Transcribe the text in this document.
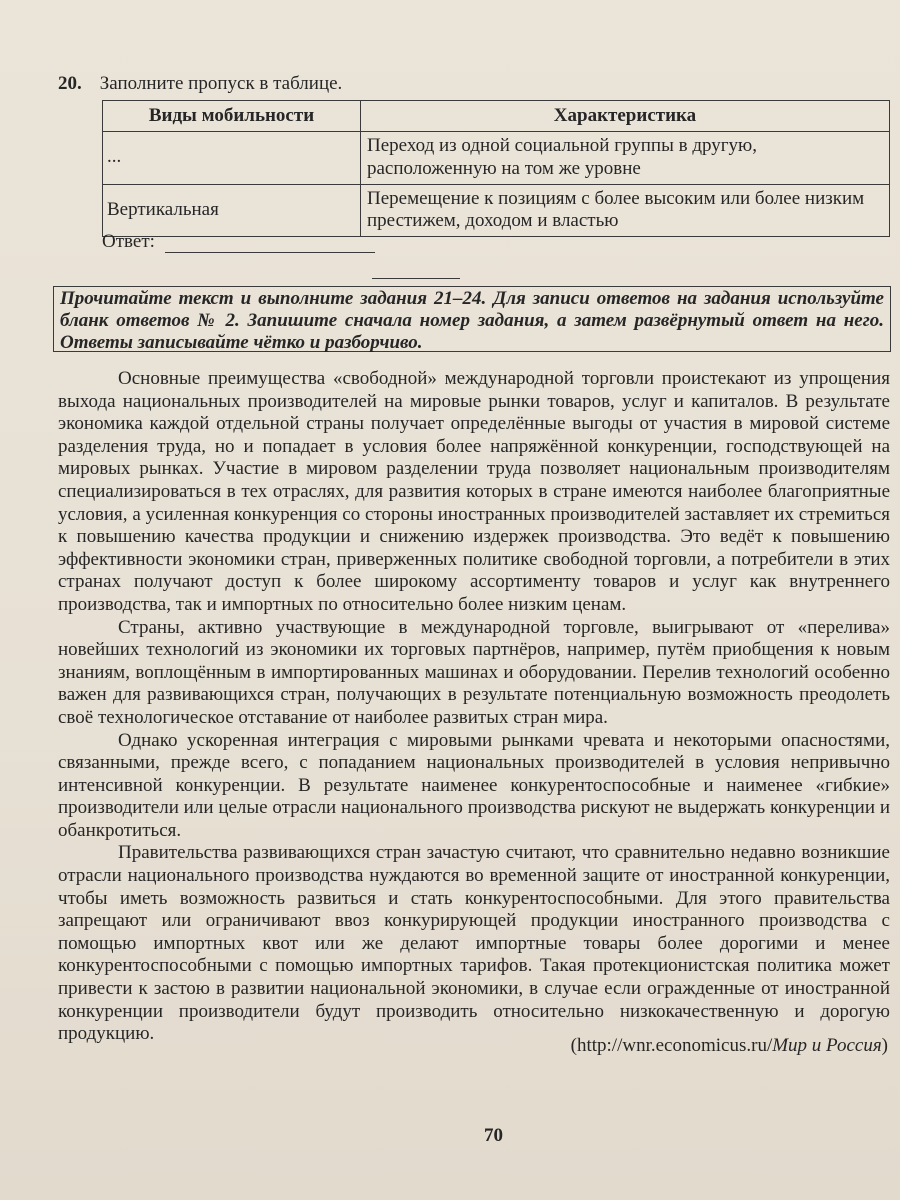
20. Заполните пропуск в таблице.
Виды мобильности	Характеристика
...	Переход из одной социальной группы в другую, расположенную на том же уровне
Вертикальная	Перемещение к позициям с более высоким или более низким престижем, доходом и властью
Ответ:
Прочитайте текст и выполните задания 21–24. Для записи ответов на задания используйте бланк ответов № 2. Запишите сначала номер задания, а затем развёрнутый ответ на него. Ответы записывайте чётко и разборчиво.

Основные преимущества «свободной» международной торговли проистекают из упрощения выхода национальных производителей на мировые рынки товаров, услуг и капиталов. В результате экономика каждой отдельной страны получает определённые выгоды от участия в мировой системе разделения труда, но и попадает в условия более напряжённой конкуренции, господствующей на мировых рынках. Участие в мировом разделении труда позволяет национальным производителям специализироваться в тех отраслях, для развития которых в стране имеются наиболее благоприятные условия, а усиленная конкуренция со стороны иностранных производителей заставляет их стремиться к повышению качества продукции и снижению издержек производства. Это ведёт к повышению эффективности экономики стран, приверженных политике свободной торговли, а потребители в этих странах получают доступ к более широкому ассортименту товаров и услуг как внутреннего производства, так и импортных по относительно более низким ценам.

Страны, активно участвующие в международной торговле, выигрывают от «перелива» новейших технологий из экономики их торговых партнёров, например, путём приобщения к новым знаниям, воплощённым в импортированных машинах и оборудовании. Перелив технологий особенно важен для развивающихся стран, получающих в результате потенциальную возможность преодолеть своё технологическое отставание от наиболее развитых стран мира.

Однако ускоренная интеграция с мировыми рынками чревата и некоторыми опасностями, связанными, прежде всего, с попаданием национальных производителей в условия непривычно интенсивной конкуренции. В результате наименее конкурентоспособные и наименее «гибкие» производители или целые отрасли национального производства рискуют не выдержать конкуренции и обанкротиться.

Правительства развивающихся стран зачастую считают, что сравнительно недавно возникшие отрасли национального производства нуждаются во временной защите от иностранной конкуренции, чтобы иметь возможность развиться и стать конкурентоспособными. Для этого правительства запрещают или ограничивают ввоз конкурирующей продукции иностранного производства с помощью импортных квот или же делают импортные товары более дорогими и менее конкурентоспособными с помощью импортных тарифов. Такая протекционистская политика может привести к застою в развитии национальной экономики, в случае если огражденные от иностранной конкуренции производители будут производить относительно низкокачественную и дорогую продукцию.

(http://wnr.economicus.ru/Мир и Россия)
70
